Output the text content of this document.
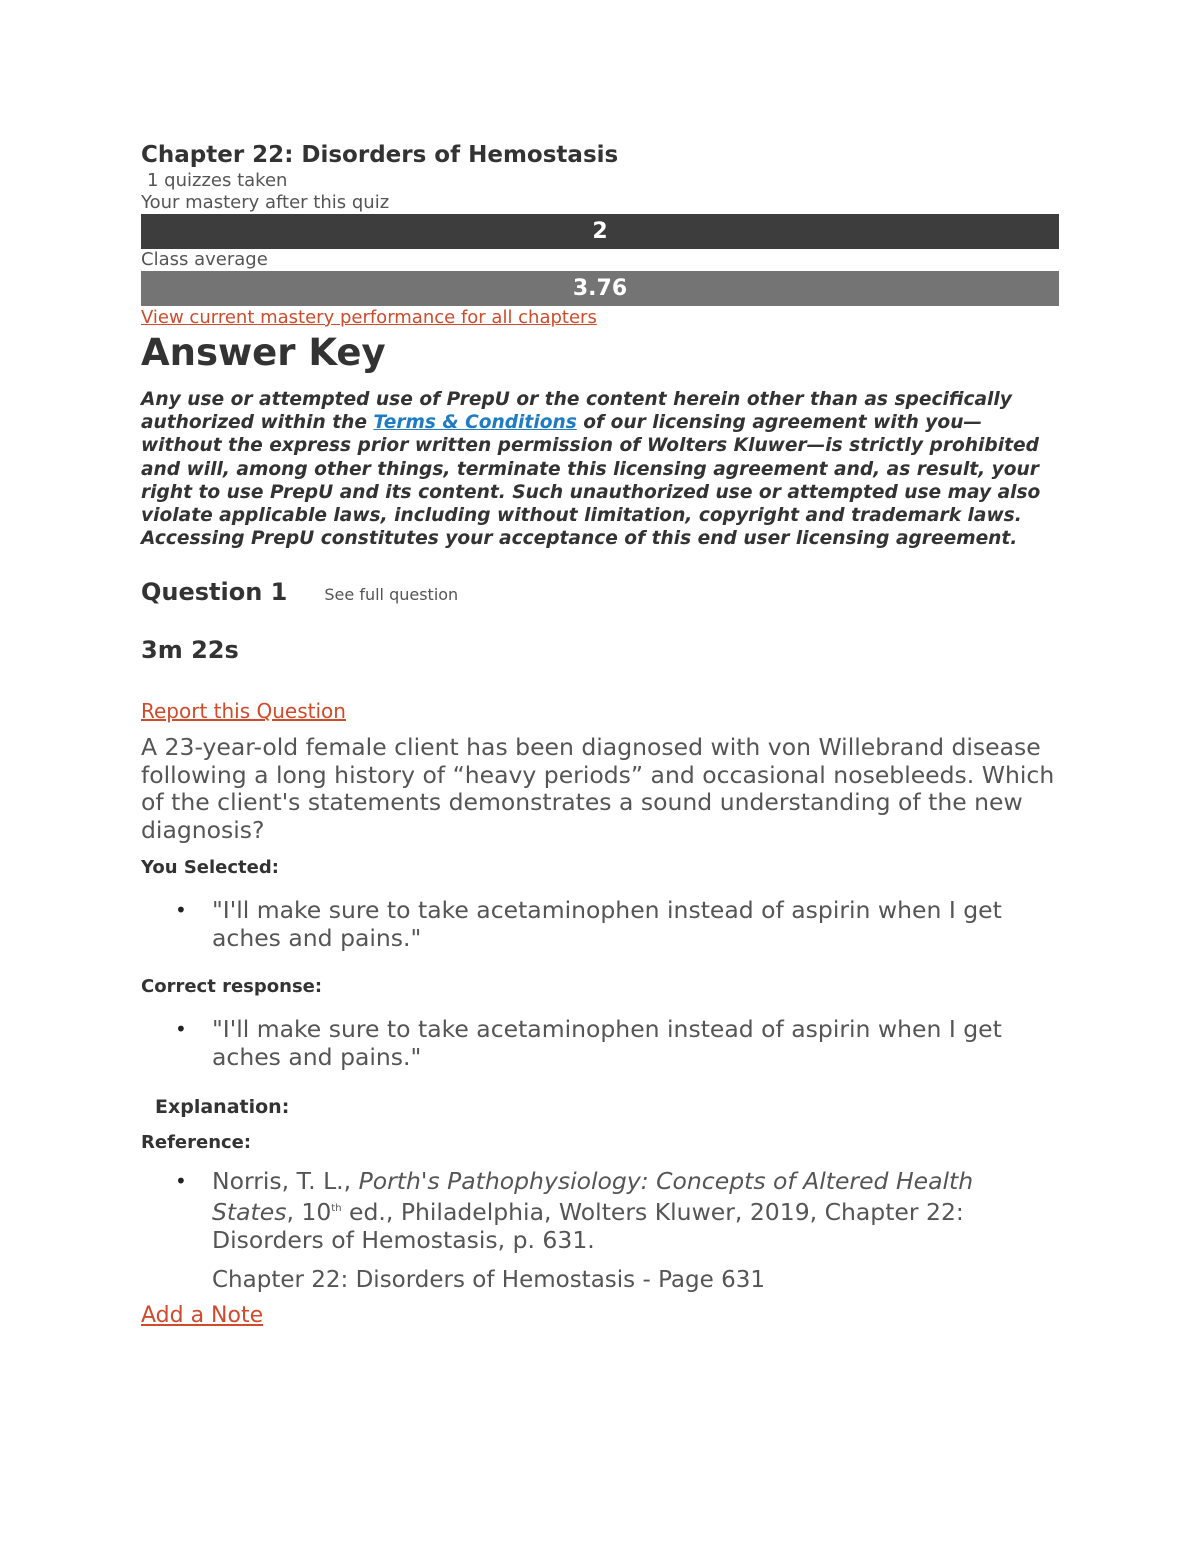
Chapter 22: Disorders of Hemostasis
1 quizzes taken
Your mastery after this quiz
2
Class average
3.76
View current mastery performance for all chapters
Answer Key

Any use or attempted use of PrepU or the content herein other than as specifically authorized within the Terms & Conditions of our licensing agreement with you—without the express prior written permission of Wolters Kluwer—is strictly prohibited and will, among other things, terminate this licensing agreement and, as result, your right to use PrepU and its content. Such unauthorized use or attempted use may also violate applicable laws, including without limitation, copyright and trademark laws. Accessing PrepU constitutes your acceptance of this end user licensing agreement.

Question 1 See full question
3m 22s
Report this Question

A 23-year-old female client has been diagnosed with von Willebrand disease following a long history of “heavy periods” and occasional nosebleeds. Which of the client's statements demonstrates a sound understanding of the new diagnosis?

You Selected:
• "I'll make sure to take acetaminophen instead of aspirin when I get aches and pains."
Correct response:
• "I'll make sure to take acetaminophen instead of aspirin when I get aches and pains."
Explanation:
Reference:
• Norris, T. L., Porth's Pathophysiology: Concepts of Altered Health States, 10th ed., Philadelphia, Wolters Kluwer, 2019, Chapter 22: Disorders of Hemostasis, p. 631.
Chapter 22: Disorders of Hemostasis - Page 631
Add a Note
